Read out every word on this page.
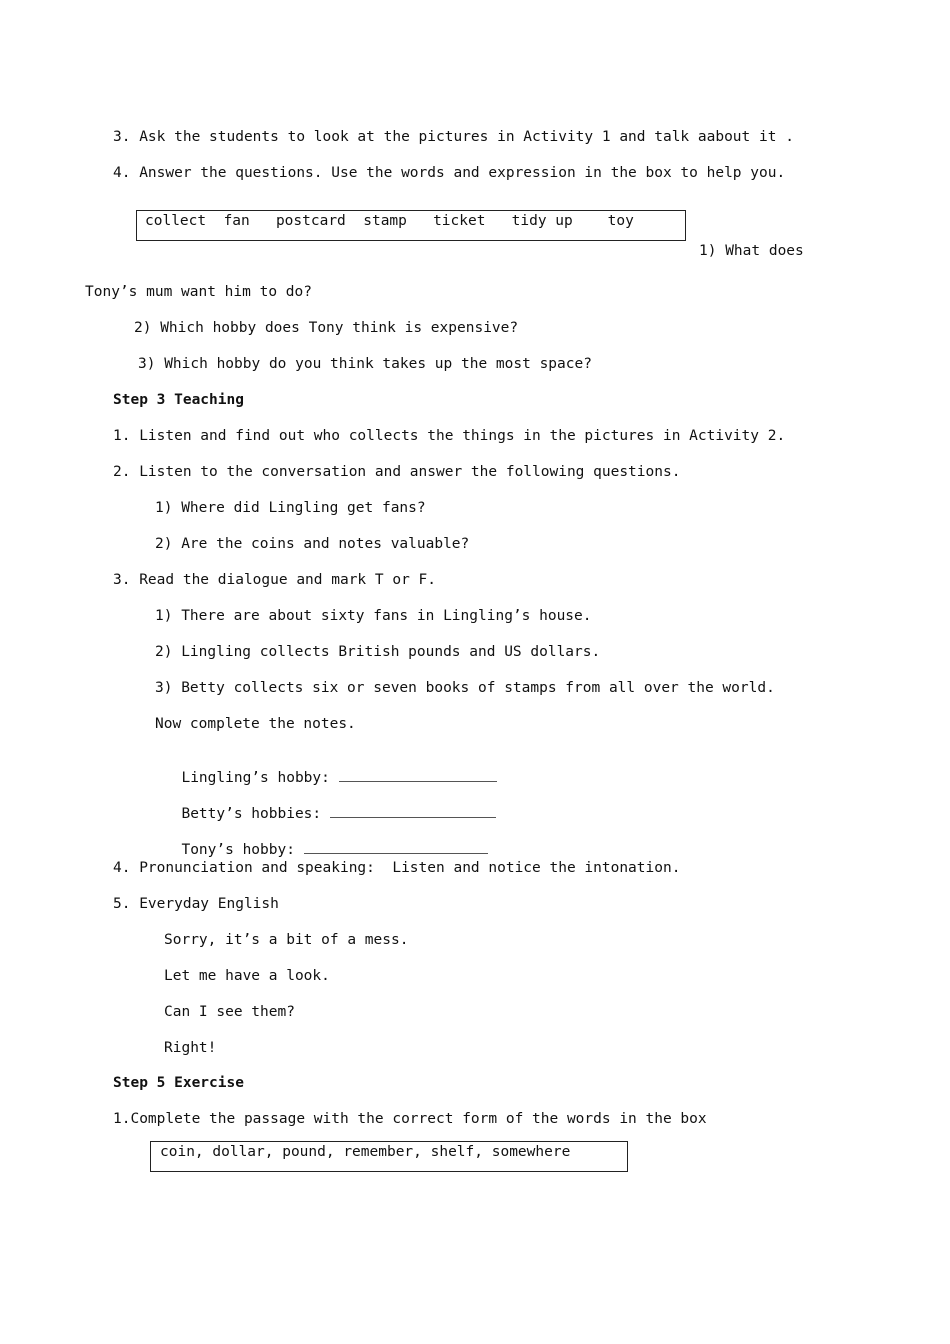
3. Ask the students to look at the pictures in Activity 1 and talk aabout it .
4. Answer the questions. Use the words and expression in the box to help you.
collect  fan   postcard  stamp   ticket   tidy up    toy
1) What does
Tony’s mum want him to do?
2) Which hobby does Tony think is expensive?
3) Which hobby do you think takes up the most space?
Step 3 Teaching
1. Listen and find out who collects the things in the pictures in Activity 2.
2. Listen to the conversation and answer the following questions.
1) Where did Lingling get fans?
2) Are the coins and notes valuable?
3. Read the dialogue and mark T or F.
1) There are about sixty fans in Lingling’s house.
2) Lingling collects British pounds and US dollars.
3) Betty collects six or seven books of stamps from all over the world.
Now complete the notes.

Lingling’s hobby:

Betty’s hobbies:

Tony’s hobby:

4. Pronunciation and speaking:  Listen and notice the intonation.
5. Everyday English
Sorry, it’s a bit of a mess.
Let me have a look.
Can I see them?
Right!
Step 5 Exercise
1.Complete the passage with the correct form of the words in the box
coin, dollar, pound, remember, shelf, somewhere
